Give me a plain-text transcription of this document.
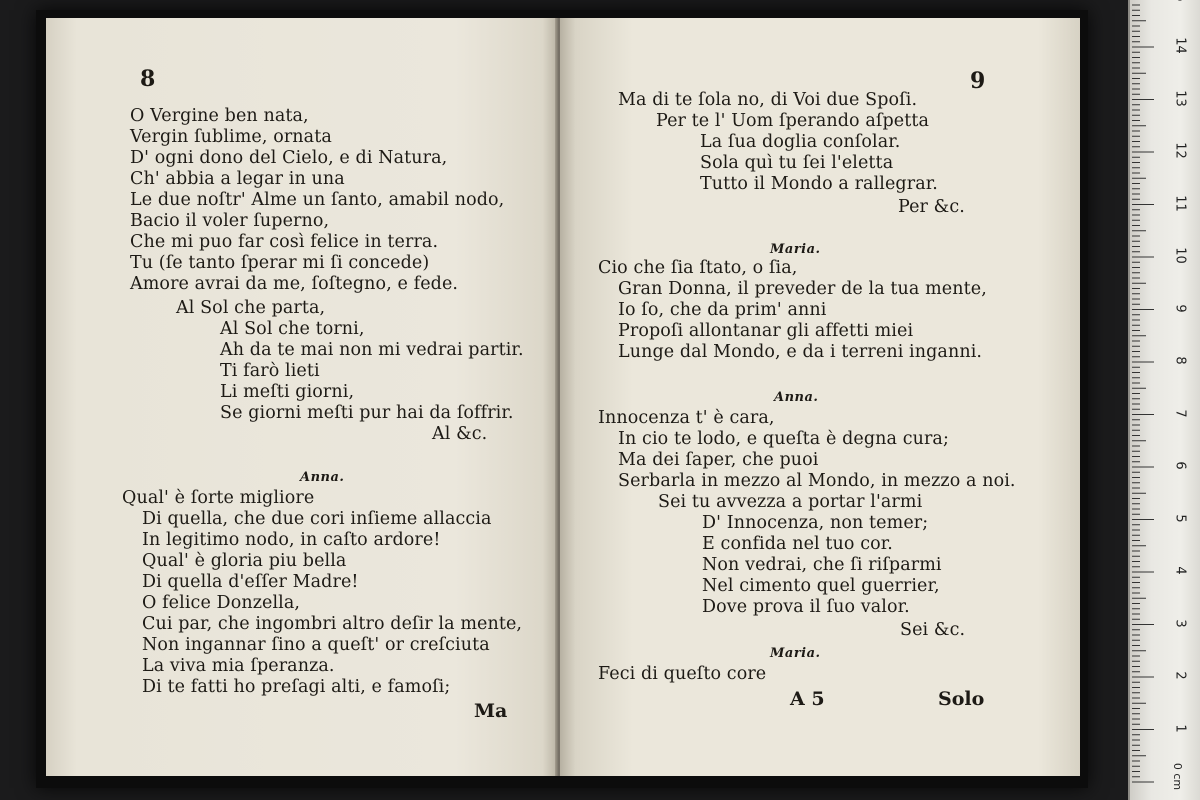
8
O Vergine ben nata,
Vergin ſublime, ornata
D' ogni dono del Cielo, e di Natura,
Ch' abbia a legar in una
Le due noſtr' Alme un ſanto, amabil nodo,
Bacio il voler ſuperno,
Che mi puo far così felice in terra.
Tu (ſe tanto ſperar mi ſi concede)
Amore avrai da me, ſoſtegno, e fede.
Al Sol che parta,
Al Sol che torni,
Ah da te mai non mi vedrai partir.
Ti farò lieti
Li meſti giorni,
Se giorni meſti pur hai da ſoffrir.
Al &c.
Anna.
Qual' è ſorte migliore
Di quella, che due cori inſieme allaccia
In legitimo nodo, in caſto ardore!
Qual' è gloria piu bella
Di quella d'eſſer Madre!
O felice Donzella,
Cui par, che ingombri altro deſir la mente,
Non ingannar ſino a queſt' or creſciuta
La viva mia ſperanza.
Di te fatti ho preſagi alti, e famoſi;
Ma
9
Ma di te ſola no, di Voi due Spoſi.
Per te l' Uom ſperando aſpetta
La ſua doglia conſolar.
Sola quì tu ſei l'eletta
Tutto il Mondo a rallegrar.
Per &c.
Maria.
Cio che ſia ſtato, o ſia,
Gran Donna, il preveder de la tua mente,
Io ſo, che da prim' anni
Propoſi allontanar gli affetti miei
Lunge dal Mondo, e da i terreni inganni.
Anna.
Innocenza t' è cara,
In cio te lodo, e queſta è degna cura;
Ma dei ſaper, che puoi
Serbarla in mezzo al Mondo, in mezzo a noi.
Sei tu avvezza a portar l'armi
D' Innocenza, non temer;
E confida nel tuo cor.
Non vedrai, che ſi riſparmi
Nel cimento quel guerrier,
Dove prova il ſuo valor.
Sei &c.
Maria.
Feci di queſto core
A 5	Solo
14
13
12
11
10
9
8
7
6
5
4
3
2
1
0 cm
